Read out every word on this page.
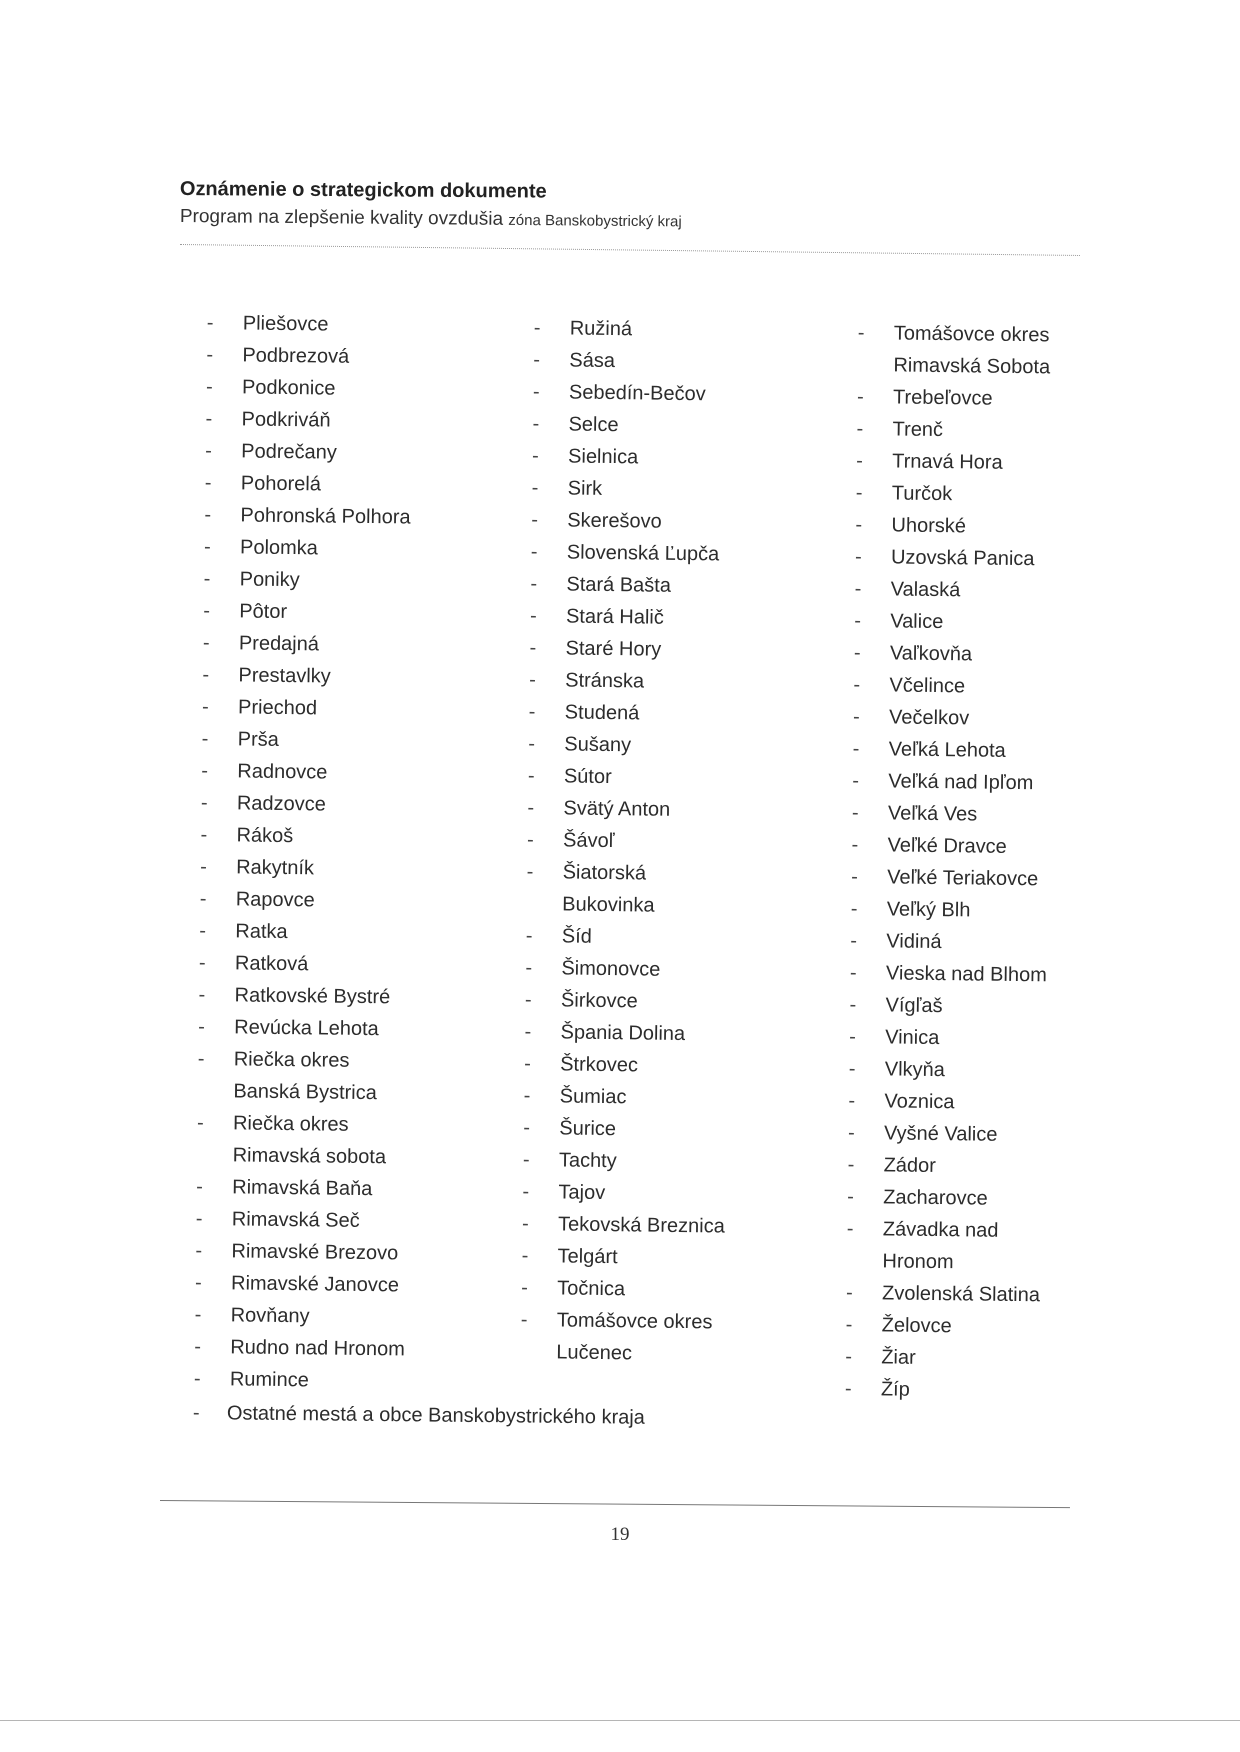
Oznámenie o strategickom dokumente
Program na zlepšenie kvality ovzdušia zóna Banskobystrický kraj
-	Pliešovce
-	Podbrezová
-	Podkonice
-	Podkriváň
-	Podrečany
-	Pohorelá
-	Pohronská Polhora
-	Polomka
-	Poniky
-	Pôtor
-	Predajná
-	Prestavlky
-	Priechod
-	Prša
-	Radnovce
-	Radzovce
-	Rákoš
-	Rakytník
-	Rapovce
-	Ratka
-	Ratková
-	Ratkovské Bystré
-	Revúcka Lehota
-	Riečka okres
Banská Bystrica
-	Riečka okres
Rimavská sobota
-	Rimavská Baňa
-	Rimavská Seč
-	Rimavské Brezovo
-	Rimavské Janovce
-	Rovňany
-	Rudno nad Hronom
-	Rumince
-	Ružiná
-	Sása
-	Sebedín-Bečov
-	Selce
-	Sielnica
-	Sirk
-	Skerešovo
-	Slovenská Ľupča
-	Stará Bašta
-	Stará Halič
-	Staré Hory
-	Stránska
-	Studená
-	Sušany
-	Sútor
-	Svätý Anton
-	Šávoľ
-	Šiatorská
Bukovinka
-	Šíd
-	Šimonovce
-	Širkovce
-	Špania Dolina
-	Štrkovec
-	Šumiac
-	Šurice
-	Tachty
-	Tajov
-	Tekovská Breznica
-	Telgárt
-	Točnica
-	Tomášovce okres
Lučenec
-	Tomášovce okres
Rimavská Sobota
-	Trebeľovce
-	Trenč
-	Trnavá Hora
-	Turčok
-	Uhorské
-	Uzovská Panica
-	Valaská
-	Valice
-	Vaľkovňa
-	Včelince
-	Večelkov
-	Veľká Lehota
-	Veľká nad Ipľom
-	Veľká Ves
-	Veľké Dravce
-	Veľké Teriakovce
-	Veľký Blh
-	Vidiná
-	Vieska nad Blhom
-	Vígľaš
-	Vinica
-	Vlkyňa
-	Voznica
-	Vyšné Valice
-	Zádor
-	Zacharovce
-	Závadka nad
Hronom
-	Zvolenská Slatina
-	Želovce
-	Žiar
-	Žíp
- Ostatné mestá a obce Banskobystrického kraja
19
